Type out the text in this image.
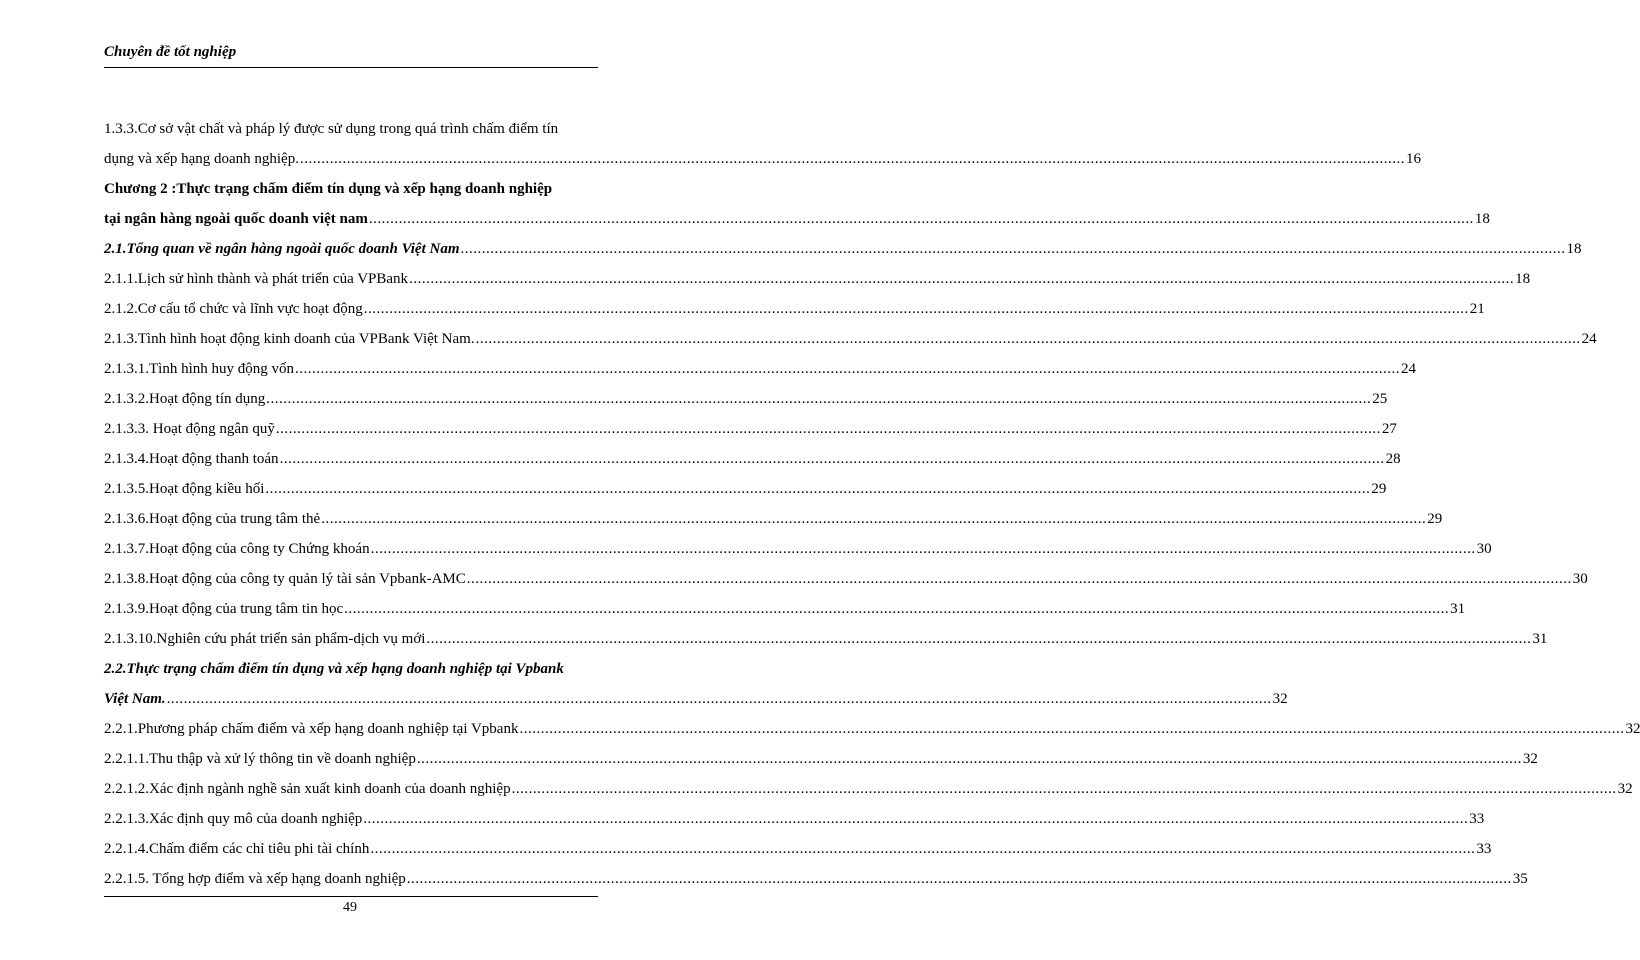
Chuyên đề tốt nghiệp
1.3.3.Cơ sở vật chất và pháp lý được sử dụng trong quá trình chấm điểm tín
dụng và xếp hạng doanh nghiệp. .................................................................................................................................................................................................................................................................... 16
Chương 2 :Thực trạng chấm điểm tín dụng và xếp hạng doanh nghiệp
tại ngân hàng ngoài quốc doanh việt nam .................................................................................................................................................................................................................................................................... 18
2.1.Tổng quan về ngân hàng ngoài quốc doanh Việt Nam .................................................................................................................................................................................................................................................................... 18
2.1.1.Lịch sử hình thành và phát triển của VPBank .................................................................................................................................................................................................................................................................... 18
2.1.2.Cơ cấu tổ chức và lĩnh vực hoạt động .................................................................................................................................................................................................................................................................... 21
2.1.3.Tình hình hoạt động kinh doanh của VPBank Việt Nam. .................................................................................................................................................................................................................................................................... 24
2.1.3.1.Tình hình huy động vốn .................................................................................................................................................................................................................................................................... 24
2.1.3.2.Hoạt động tín dụng .................................................................................................................................................................................................................................................................... 25
2.1.3.3. Hoạt động ngân quỹ .................................................................................................................................................................................................................................................................... 27
2.1.3.4.Hoạt động thanh toán .................................................................................................................................................................................................................................................................... 28
2.1.3.5.Hoạt động kiều hối .................................................................................................................................................................................................................................................................... 29
2.1.3.6.Hoạt động của trung tâm thẻ .................................................................................................................................................................................................................................................................... 29
2.1.3.7.Hoạt động của công ty Chứng khoán .................................................................................................................................................................................................................................................................... 30
2.1.3.8.Hoạt động của công ty quản lý tài sản Vpbank-AMC .................................................................................................................................................................................................................................................................... 30
2.1.3.9.Hoạt động của trung tâm tin học .................................................................................................................................................................................................................................................................... 31
2.1.3.10.Nghiên cứu phát triển sản phẩm-dịch vụ mới .................................................................................................................................................................................................................................................................... 31
2.2.Thực trạng chấm điểm tín dụng và xếp hạng doanh nghiệp tại Vpbank
Việt Nam. .................................................................................................................................................................................................................................................................... 32
2.2.1.Phương pháp chấm điểm và xếp hạng doanh nghiệp tại Vpbank .................................................................................................................................................................................................................................................................... 32
2.2.1.1.Thu thập và xử lý thông tin về doanh nghiệp .................................................................................................................................................................................................................................................................... 32
2.2.1.2.Xác định ngành nghề sản xuất kinh doanh của doanh nghiệp .................................................................................................................................................................................................................................................................... 32
2.2.1.3.Xác định quy mô của doanh nghiệp .................................................................................................................................................................................................................................................................... 33
2.2.1.4.Chấm điểm các chỉ tiêu phi tài chính .................................................................................................................................................................................................................................................................... 33
2.2.1.5. Tổng hợp điểm và xếp hạng doanh nghiệp .................................................................................................................................................................................................................................................................... 35
49
